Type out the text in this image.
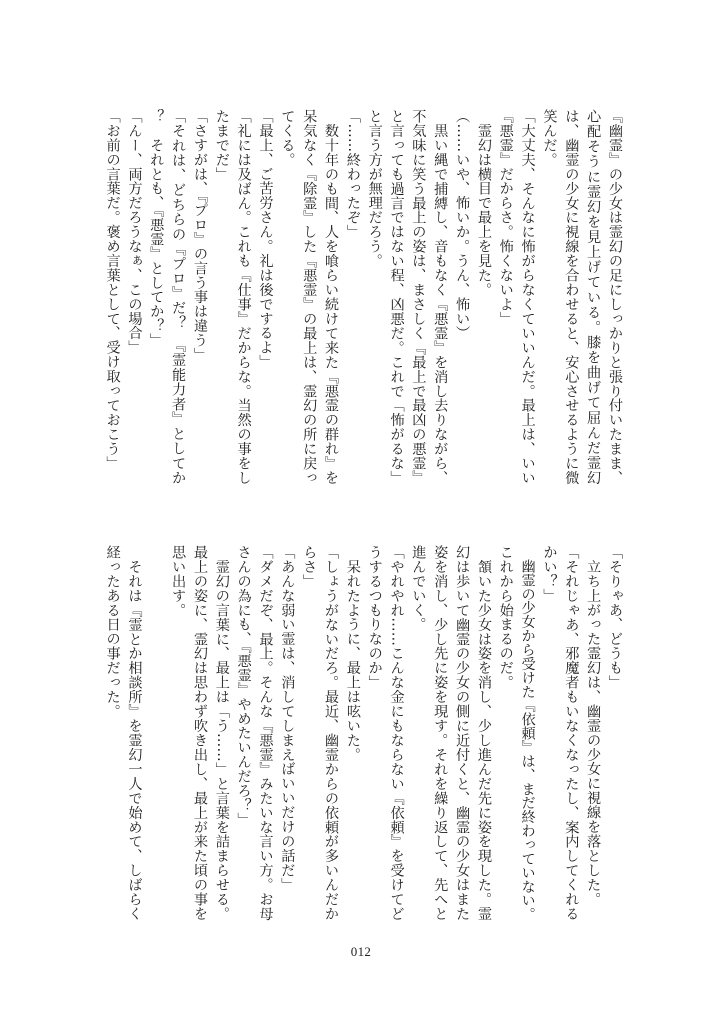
『幽霊』の少女は霊幻の足にしっかりと張り付いたまま、
心配そうに霊幻を見上げている。膝を曲げて屈んだ霊幻
は、幽霊の少女に視線を合わせると、安心させるように微
笑んだ。
「大丈夫、そんなに怖がらなくていいんだ。最上は、いい
『悪霊』だからさ。怖くないよ」
　霊幻は横目で最上を見た。
（……いや、怖いか。うん、怖い）
　黒い縄で捕縛し、音もなく『悪霊』を消し去りながら、
不気味に笑う最上の姿は、まさしく『最上で最凶の悪霊』
と言っても過言ではない程、凶悪だ。これで「怖がるな」
と言う方が無理だろう。
「……終わったぞ」
　数十年のも間、人を喰らい続けて来た『悪霊の群れ』を
呆気なく『除霊』した『悪霊』の最上は、霊幻の所に戻っ
てくる。
「最上、ご苦労さん。礼は後でするよ」
「礼には及ばん。これも『仕事』だからな。当然の事をし
たまでだ」
「さすがは、『プロ』の言う事は違う」
「それは、どちらの『プロ』だ？　『霊能力者』としてか
？　それとも、『悪霊』としてか？」
「んー、両方だろうなぁ、この場合」
「お前の言葉だ。褒め言葉として、受け取っておこう」
「そりゃあ、どうも」
　立ち上がった霊幻は、幽霊の少女に視線を落とした。
「それじゃあ、邪魔者もいなくなったし、案内してくれる
かい？」
　幽霊の少女から受けた『依頼』は、まだ終わっていない。
これから始まるのだ。
　頷いた少女は姿を消し、少し進んだ先に姿を現した。霊
幻は歩いて幽霊の少女の側に近付くと、幽霊の少女はまた
姿を消し、少し先に姿を現す。それを繰り返して、先へと
進んでいく。
「やれやれ……こんな金にもならない『依頼』を受けてど
うするつもりなのか」
　呆れたように、最上は呟いた。
「しょうがないだろ。最近、幽霊からの依頼が多いんだか
らさ」
「あんな弱い霊は、消してしまえばいいだけの話だ」
「ダメだぞ、最上。そんな『悪霊』みたいな言い方。お母
さんの為にも、『悪霊』やめたいんだろ？」
　霊幻の言葉に、最上は「う……」と言葉を詰まらせる。
最上の姿に、霊幻は思わず吹き出し、最上が来た頃の事を
思い出す。
　それは『霊とか相談所』を霊幻一人で始めて、しばらく
経ったある日の事だった。
012
